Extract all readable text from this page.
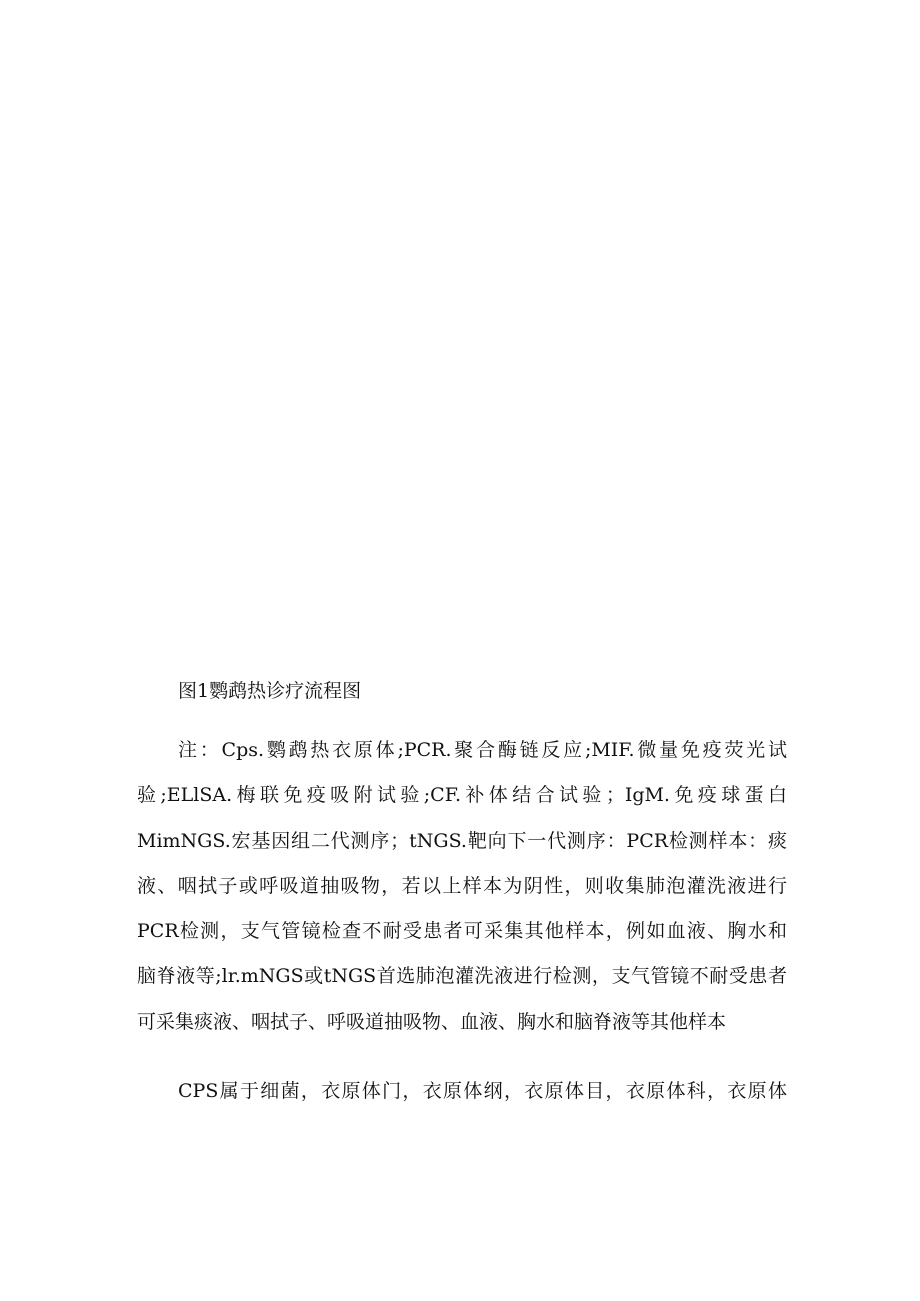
图1鹦鹉热诊疗流程图
注：Cps.鹦鹉热衣原体;PCR.聚合酶链反应;MIF.微量免疫荧光试
验;ELlSA.梅联免疫吸附试验;CF.补体结合试验；IgM.免疫球蛋白
MimNGS.宏基因组二代测序；tNGS.靶向下一代测序：PCR检测样本：痰
液、咽拭子或呼吸道抽吸物，若以上样本为阴性，则收集肺泡灌洗液进行
PCR检测，支气管镜检查不耐受患者可采集其他样本，例如血液、胸水和
脑脊液等;lr.mNGS或tNGS首选肺泡灌洗液进行检测，支气管镜不耐受患者
可采集痰液、咽拭子、呼吸道抽吸物、血液、胸水和脑脊液等其他样本
CPS属于细菌，衣原体门，衣原体纲，衣原体目，衣原体科，衣原体
